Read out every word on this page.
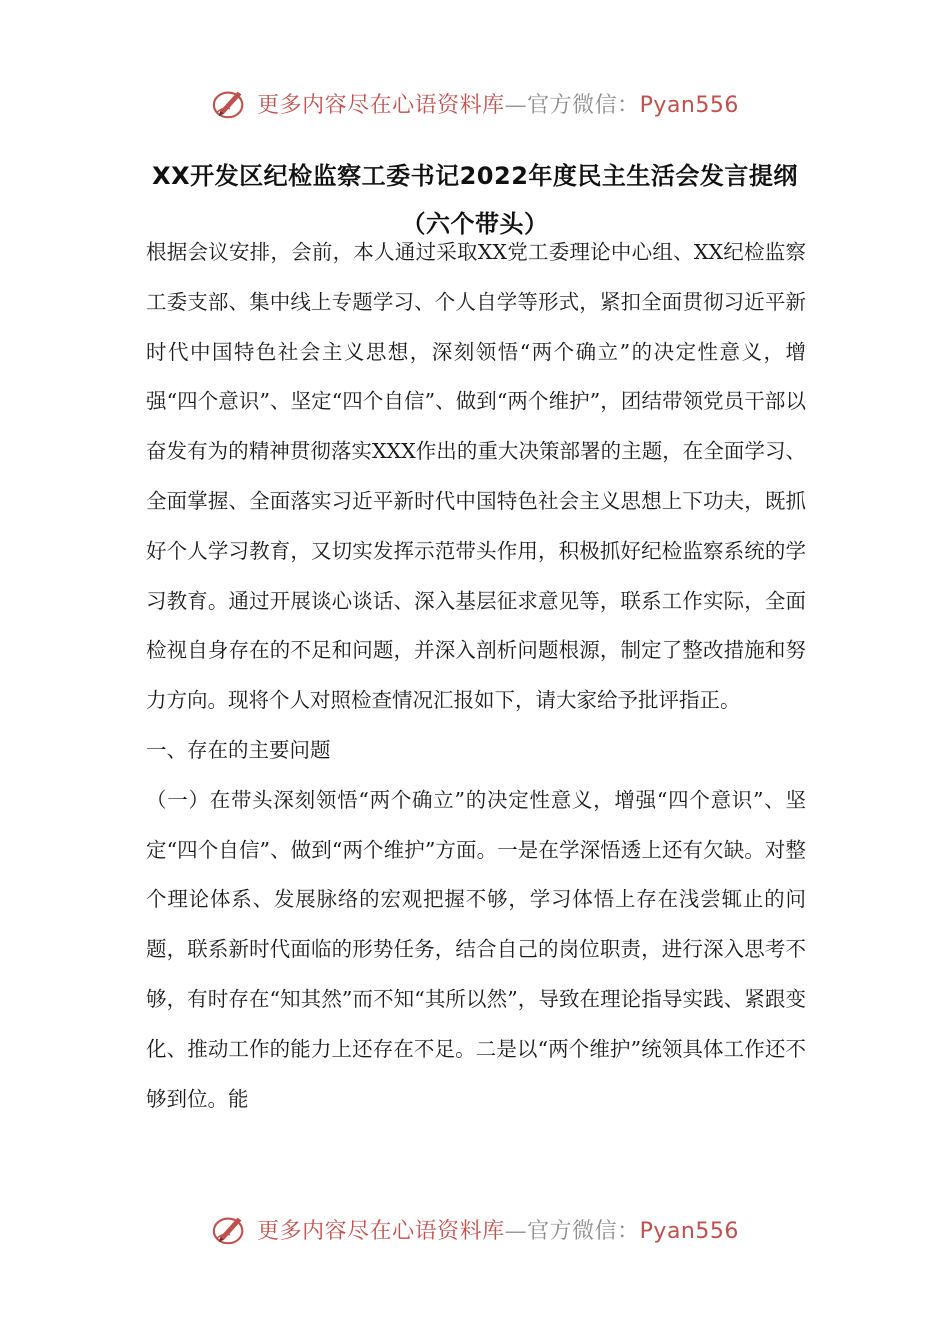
更多内容尽在心语资料库—官方微信：Pyan556
XX开发区纪检监察工委书记2022年度民主生活会发言提纲
（六个带头）

根据会议安排，会前，本人通过采取XX党工委理论中心组、XX纪检监察工委支部、集中线上专题学习、个人自学等形式，紧扣全面贯彻习近平新时代中国特色社会主义思想，深刻领悟“两个确立”的决定性意义，增强“四个意识”、坚定“四个自信”、做到“两个维护”，团结带领党员干部以奋发有为的精神贯彻落实XXX作出的重大决策部署的主题，在全面学习、全面掌握、全面落实习近平新时代中国特色社会主义思想上下功夫，既抓好个人学习教育，又切实发挥示范带头作用，积极抓好纪检监察系统的学习教育。通过开展谈心谈话、深入基层征求意见等，联系工作实际，全面检视自身存在的不足和问题，并深入剖析问题根源，制定了整改措施和努力方向。现将个人对照检查情况汇报如下，请大家给予批评指正。

一、存在的主要问题

（一）在带头深刻领悟“两个确立”的决定性意义，增强“四个意识”、坚定“四个自信”、做到“两个维护”方面。一是在学深悟透上还有欠缺。对整个理论体系、发展脉络的宏观把握不够，学习体悟上存在浅尝辄止的问题，联系新时代面临的形势任务，结合自己的岗位职责，进行深入思考不够，有时存在“知其然”而不知“其所以然”，导致在理论指导实践、紧跟变化、推动工作的能力上还存在不足。二是以“两个维护”统领具体工作还不够到位。能

更多内容尽在心语资料库—官方微信：Pyan556
